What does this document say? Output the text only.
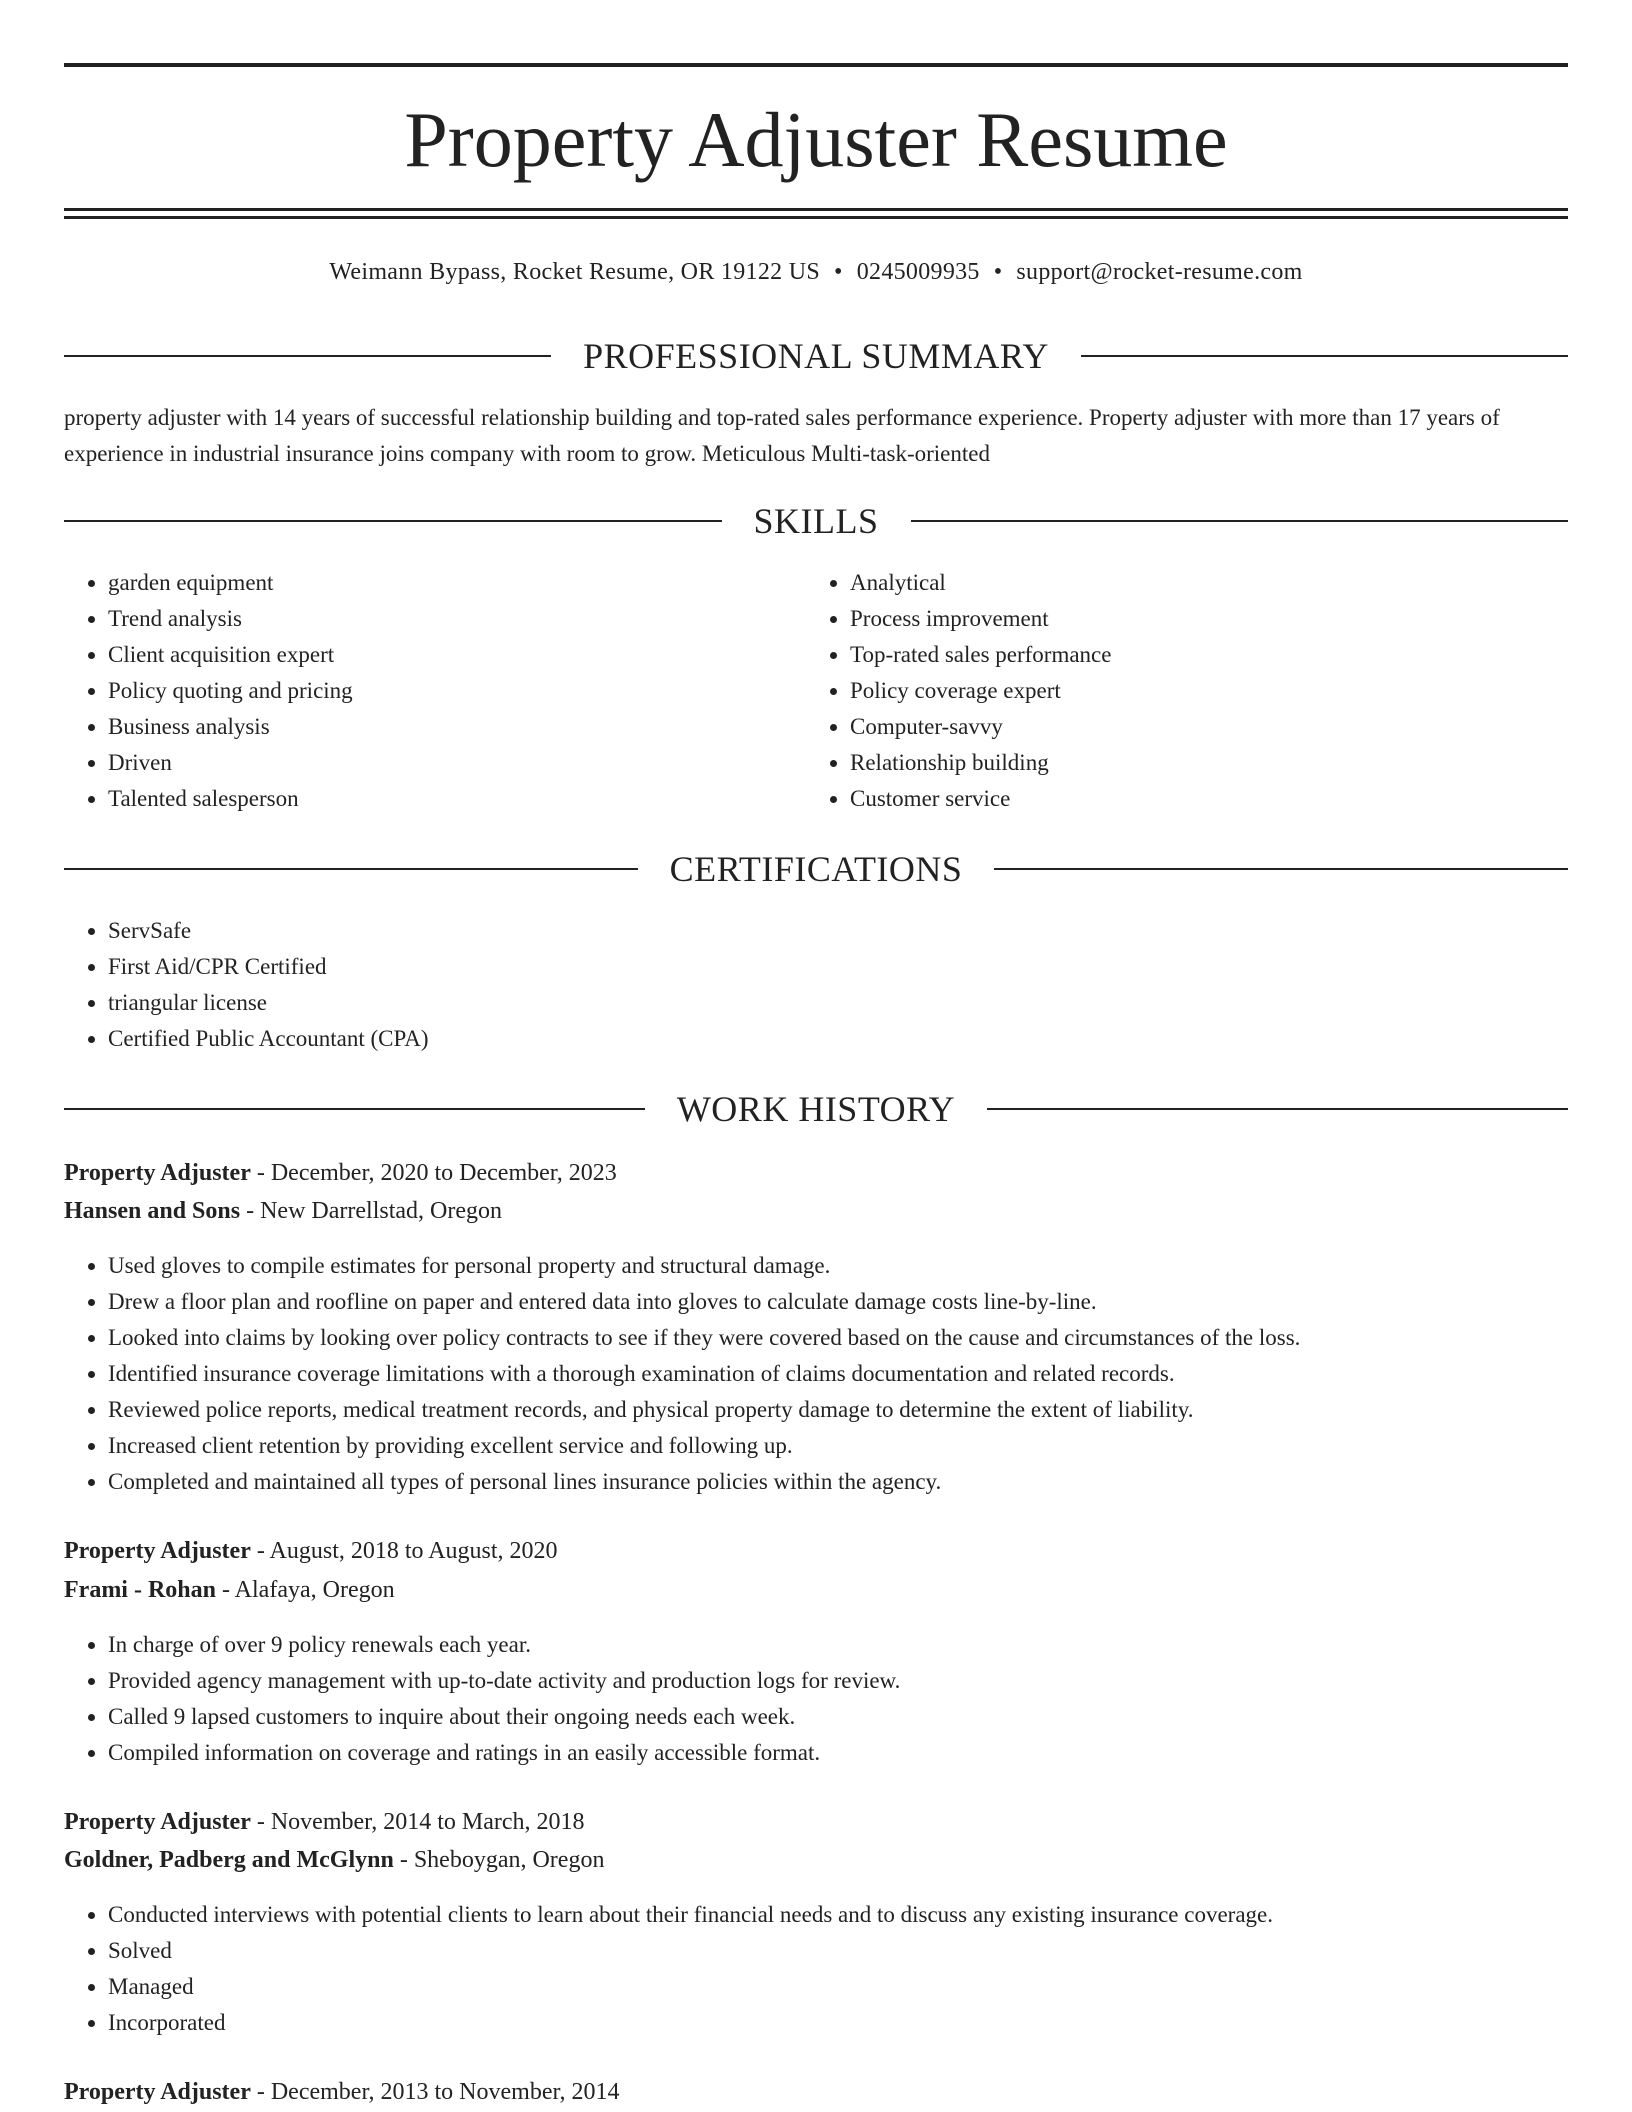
Property Adjuster Resume
Weimann Bypass, Rocket Resume, OR 19122 US • 0245009935 • support@rocket-resume.com
PROFESSIONAL SUMMARY

property adjuster with 14 years of successful relationship building and top-rated sales performance experience. Property adjuster with more than 17 years of experience in industrial insurance joins company with room to grow. Meticulous Multi-task-oriented

SKILLS
• garden equipment
• Trend analysis
• Client acquisition expert
• Policy quoting and pricing
• Business analysis
• Driven
• Talented salesperson
• Analytical
• Process improvement
• Top-rated sales performance
• Policy coverage expert
• Computer-savvy
• Relationship building
• Customer service
CERTIFICATIONS
• ServSafe
• First Aid/CPR Certified
• triangular license
• Certified Public Accountant (CPA)
WORK HISTORY
Property Adjuster - December, 2020 to December, 2023
Hansen and Sons - New Darrellstad, Oregon
• Used gloves to compile estimates for personal property and structural damage.
• Drew a floor plan and roofline on paper and entered data into gloves to calculate damage costs line-by-line.
• Looked into claims by looking over policy contracts to see if they were covered based on the cause and circumstances of the loss.
• Identified insurance coverage limitations with a thorough examination of claims documentation and related records.
• Reviewed police reports, medical treatment records, and physical property damage to determine the extent of liability.
• Increased client retention by providing excellent service and following up.
• Completed and maintained all types of personal lines insurance policies within the agency.
Property Adjuster - August, 2018 to August, 2020
Frami - Rohan - Alafaya, Oregon
• In charge of over 9 policy renewals each year.
• Provided agency management with up-to-date activity and production logs for review.
• Called 9 lapsed customers to inquire about their ongoing needs each week.
• Compiled information on coverage and ratings in an easily accessible format.
Property Adjuster - November, 2014 to March, 2018
Goldner, Padberg and McGlynn - Sheboygan, Oregon
• Conducted interviews with potential clients to learn about their financial needs and to discuss any existing insurance coverage.
• Solved
• Managed
• Incorporated
Property Adjuster - December, 2013 to November, 2014
